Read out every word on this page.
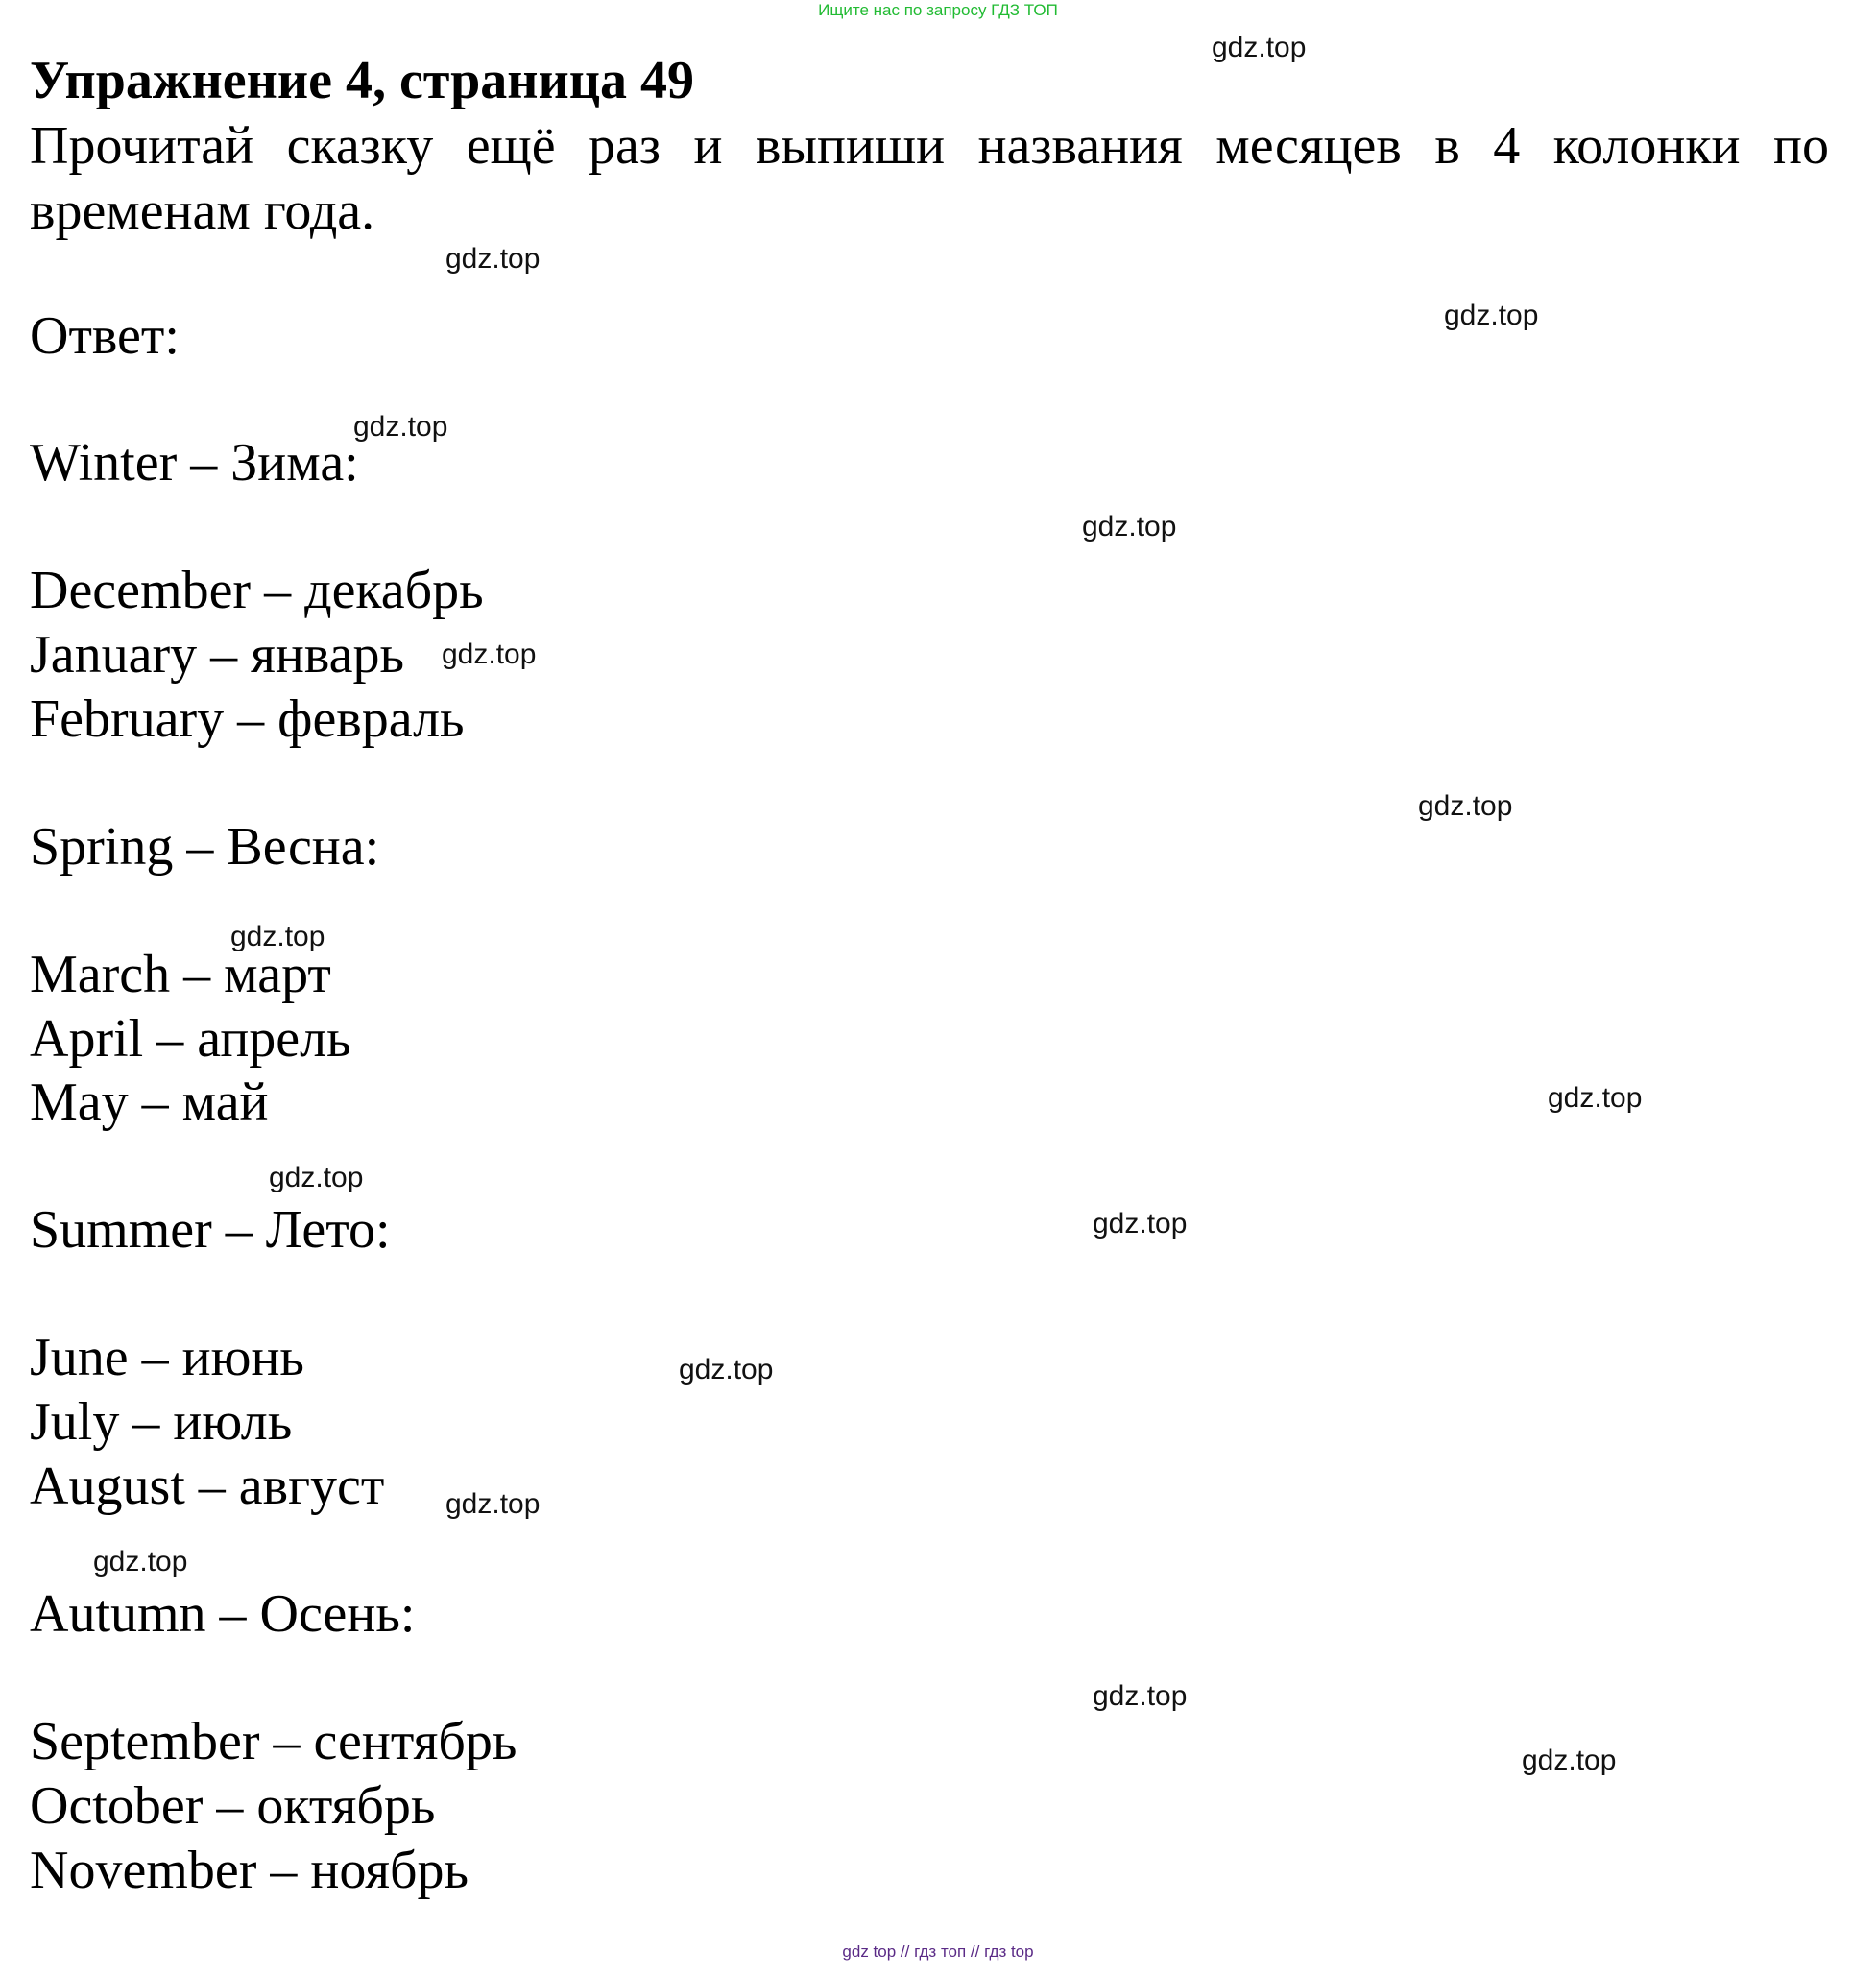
Ищите нас по запросу ГДЗ ТОП
Упражнение 4, страница 49
Прочитай сказку ещё раз и выпиши названия месяцев в 4 колонки по временам года.
Ответ:
Winter – Зима:
December – декабрь
January – январь
February – февраль
Spring – Весна:
March – март
April – апрель
May – май
Summer – Лето:
June – июнь
July – июль
August – август
Autumn – Осень:
September – сентябрь
October – октябрь
November – ноябрь
gdz.top
gdz.top
gdz.top
gdz.top
gdz.top
gdz.top
gdz.top
gdz.top
gdz.top
gdz.top
gdz.top
gdz.top
gdz.top
gdz.top
gdz.top
gdz.top
gdz top // гдз топ // гдз top
